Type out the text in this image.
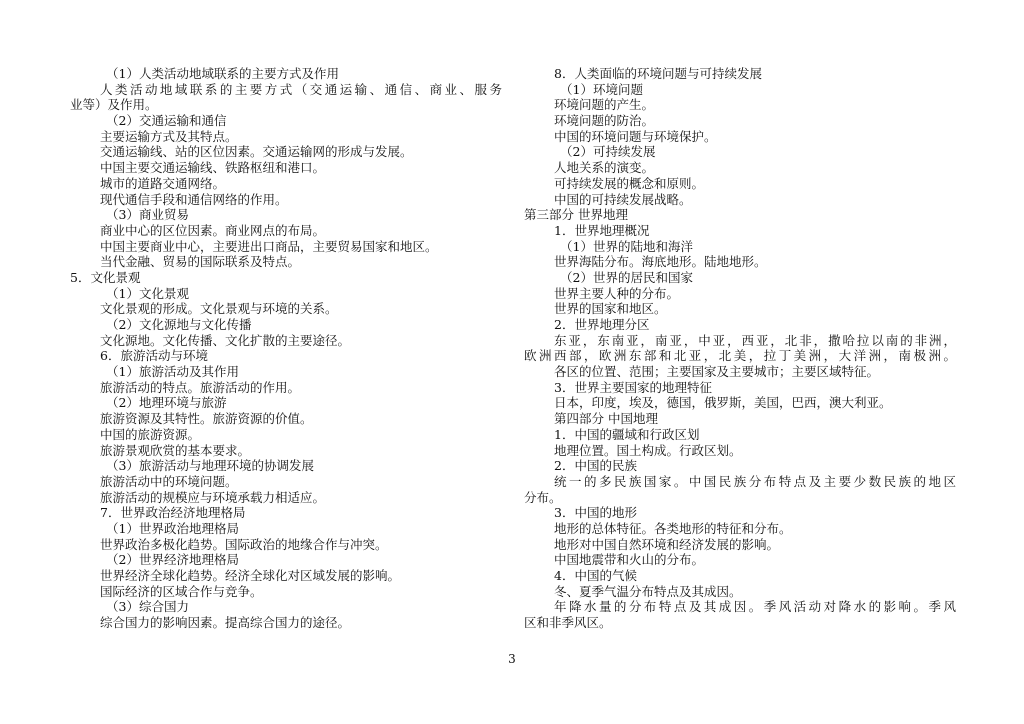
（1）人类活动地域联系的主要方式及作用
人类活动地域联系的主要方式（交通运输、通信、商业、服务
业等）及作用。
（2）交通运输和通信
主要运输方式及其特点。
交通运输线、站的区位因素。交通运输网的形成与发展。
中国主要交通运输线、铁路枢纽和港口。
城市的道路交通网络。
现代通信手段和通信网络的作用。
（3）商业贸易
商业中心的区位因素。商业网点的布局。
中国主要商业中心，主要进出口商品，主要贸易国家和地区。
当代金融、贸易的国际联系及特点。
5．文化景观
（1）文化景观
文化景观的形成。文化景观与环境的关系。
（2）文化源地与文化传播
文化源地。文化传播、文化扩散的主要途径。
6．旅游活动与环境
（1）旅游活动及其作用
旅游活动的特点。旅游活动的作用。
（2）地理环境与旅游
旅游资源及其特性。旅游资源的价值。
中国的旅游资源。
旅游景观欣赏的基本要求。
（3）旅游活动与地理环境的协调发展
旅游活动中的环境问题。
旅游活动的规模应与环境承载力相适应。
7．世界政治经济地理格局
（1）世界政治地理格局
世界政治多极化趋势。国际政治的地缘合作与冲突。
（2）世界经济地理格局
世界经济全球化趋势。经济全球化对区域发展的影响。
国际经济的区域合作与竞争。
（3）综合国力
综合国力的影响因素。提高综合国力的途径。
8．人类面临的环境问题与可持续发展
（1）环境问题
环境问题的产生。
环境问题的防治。
中国的环境问题与环境保护。
（2）可持续发展
人地关系的演变。
可持续发展的概念和原则。
中国的可持续发展战略。
第三部分 世界地理
1．世界地理概况
（1）世界的陆地和海洋
世界海陆分布。海底地形。陆地地形。
（2）世界的居民和国家
世界主要人种的分布。
世界的国家和地区。
2．世界地理分区
东亚，东南亚，南亚，中亚，西亚，北非，撒哈拉以南的非洲，
欧洲西部，欧洲东部和北亚，北美，拉丁美洲，大洋洲，南极洲。
各区的位置、范围；主要国家及主要城市；主要区域特征。
3．世界主要国家的地理特征
日本，印度，埃及，德国，俄罗斯，美国，巴西，澳大利亚。
第四部分 中国地理
1．中国的疆域和行政区划
地理位置。国土构成。行政区划。
2．中国的民族
统一的多民族国家。中国民族分布特点及主要少数民族的地区
分布。
3．中国的地形
地形的总体特征。各类地形的特征和分布。
地形对中国自然环境和经济发展的影响。
中国地震带和火山的分布。
4．中国的气候
冬、夏季气温分布特点及其成因。
年降水量的分布特点及其成因。季风活动对降水的影响。季风
区和非季风区。
3
